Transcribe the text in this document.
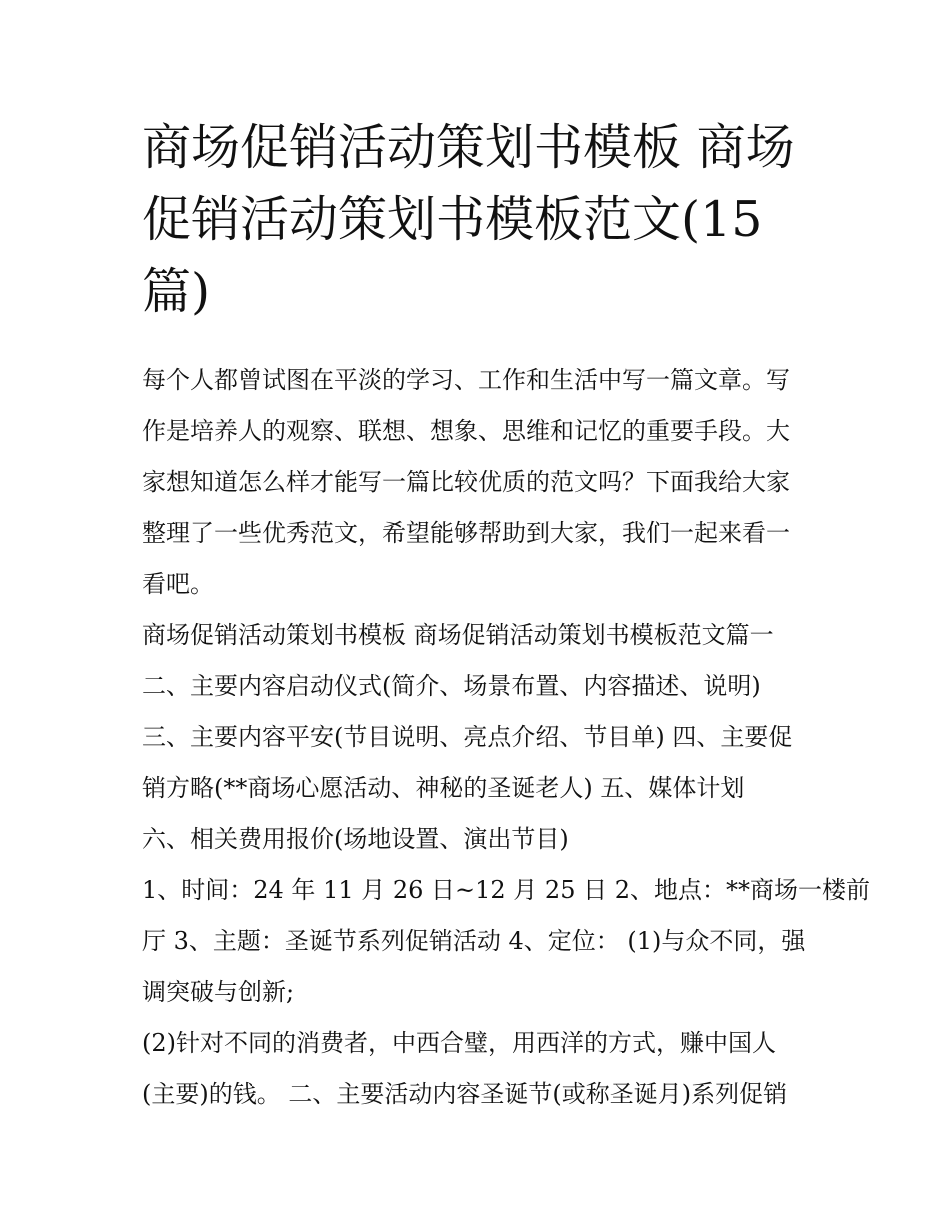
商场促销活动策划书模板 商场
促销活动策划书模板范文(15
篇)
每个人都曾试图在平淡的学习、工作和生活中写一篇文章。写
作是培养人的观察、联想、想象、思维和记忆的重要手段。大
家想知道怎么样才能写一篇比较优质的范文吗？下面我给大家
整理了一些优秀范文，希望能够帮助到大家，我们一起来看一
看吧。
商场促销活动策划书模板 商场促销活动策划书模板范文篇一
二、主要内容启动仪式(简介、场景布置、内容描述、说明)
三、主要内容平安(节目说明、亮点介绍、节目单) 四、主要促
销方略(**商场心愿活动、神秘的圣诞老人) 五、媒体计划
六、相关费用报价(场地设置、演出节目)
1、时间：24 年 11 月 26 日~12 月 25 日 2、地点：**商场一楼前
厅 3、主题：圣诞节系列促销活动 4、定位： (1)与众不同，强
调突破与创新;
(2)针对不同的消费者，中西合璧，用西洋的方式，赚中国人
(主要)的钱。 二、主要活动内容圣诞节(或称圣诞月)系列促销
